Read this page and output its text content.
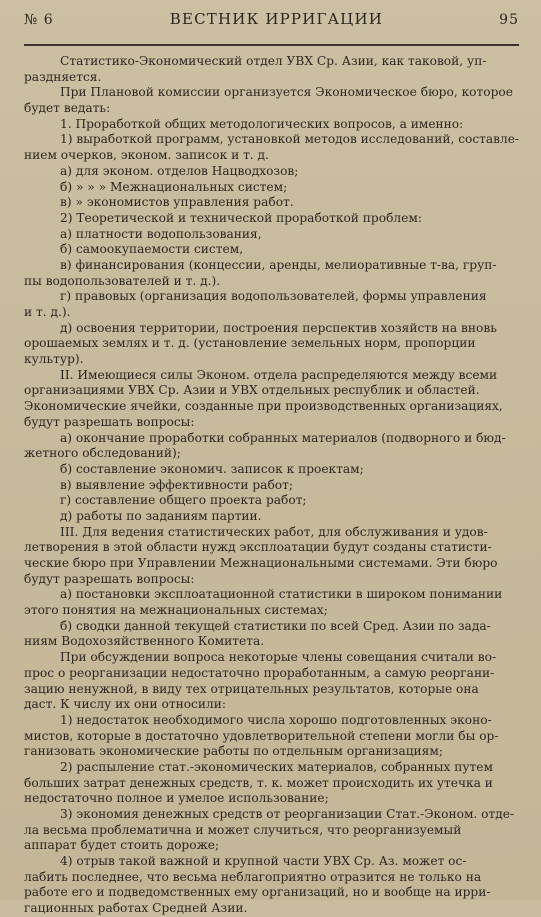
№ 6	ВЕСТНИК ИРРИГАЦИИ	95
Статистико-Экономический отдел УВХ Ср. Азии, как таковой, уп-
раздняется.
При Плановой комиссии организуется Экономическое бюро, которое
будет ведать:
1. Проработкой общих методологических вопросов, а именно:
1) выработкой программ, установкой методов исследований, составле-
нием очерков, эконом. записок и т. д.
а) для эконом. отделов Нацводхозов;
б) » » » Межнациональных систем;
в) » экономистов управления работ.
2) Теоретической и технической проработкой проблем:
а) платности водопользования,
б) самоокупаемости систем,
в) финансирования (концессии, аренды, мелиоративные т-ва, груп-
пы водопользователей и т. д.).
г) правовых (организация водопользователей, формы управления
и т. д.).
д) освоения территории, построения перспектив хозяйств на вновь
орошаемых землях и т. д. (установление земельных норм, пропорции
культур).
II. Имеющиеся силы Эконом. отдела распределяются между всеми
организациями УВХ Ср. Азии и УВХ отдельных республик и областей.
Экономические ячейки, созданные при производственных организациях,
будут разрешать вопросы:
а) окончание проработки собранных материалов (подворного и бюд-
жетного обследований);
б) составление экономич. записок к проектам;
в) выявление эффективности работ;
г) составление общего проекта работ;
д) работы по заданиям партии.
III. Для ведения статистических работ, для обслуживания и удов-
летворения в этой области нужд эксплоатации будут созданы статисти-
ческие бюро при Управлении Межнациональными системами. Эти бюро
будут разрешать вопросы:
а) постановки эксплоатационной статистики в широком понимании
этого понятия на межнациональных системах;
б) сводки данной текущей статистики по всей Сред. Азии по зада-
ниям Водохозяйственного Комитета.
При обсуждении вопроса некоторые члены совещания считали во-
прос о реорганизации недостаточно проработанным, а самую реоргани-
зацию ненужной, в виду тех отрицательных результатов, которые она
даст. К числу их они относили:
1) недостаток необходимого числа хорошо подготовленных эконо-
мистов, которые в достаточно удовлетворительной степени могли бы ор-
ганизовать экономические работы по отдельным организациям;
2) распыление стат.-экономических материалов, собранных путем
больших затрат денежных средств, т. к. может происходить их утечка и
недостаточно полное и умелое использование;
3) экономия денежных средств от реорганизации Стат.-Эконом. отде-
ла весьма проблематична и может случиться, что реорганизуемый
аппарат будет стоить дороже;
4) отрыв такой важной и крупной части УВХ Ср. Аз. может ос-
лабить последнее, что весьма неблагоприятно отразится не только на
работе его и подведомственных ему организаций, но и вообще на ирри-
гационных работах Средней Азии.
